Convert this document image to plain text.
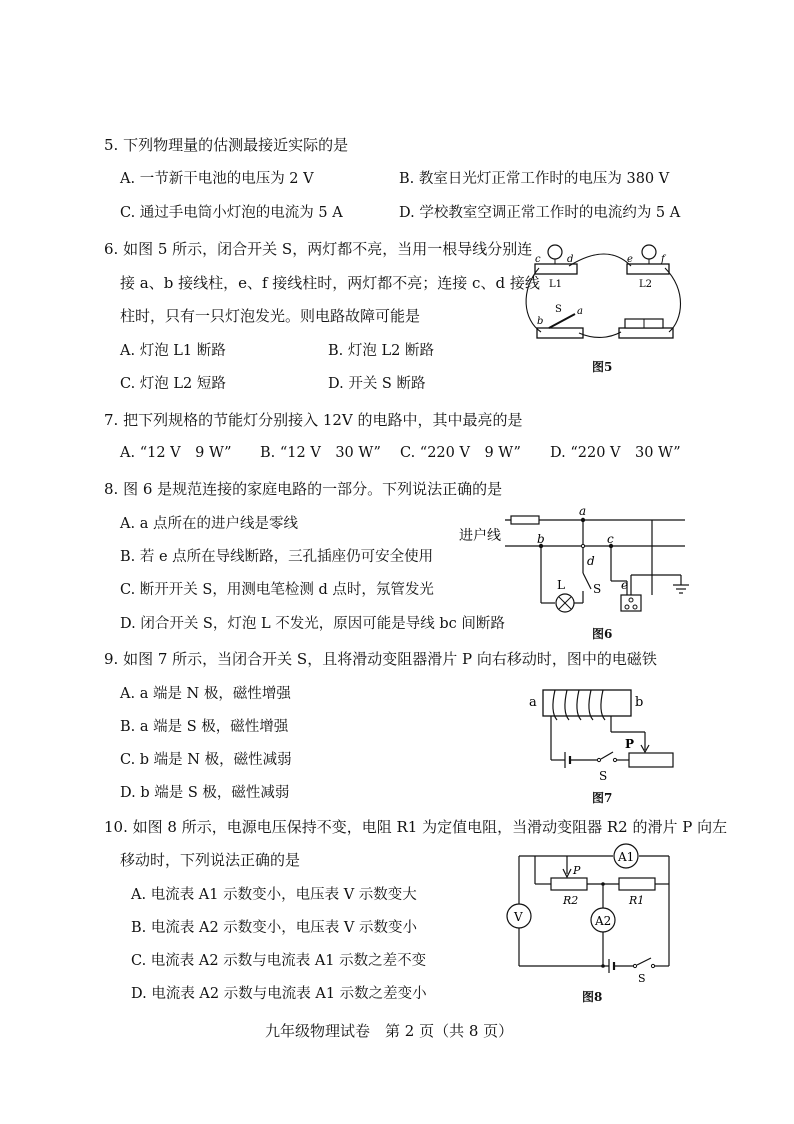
5. 下列物理量的估测最接近实际的是
A. 一节新干电池的电压为 2 V	B. 教室日光灯正常工作时的电压为 380 V
C. 通过手电筒小灯泡的电流为 5 A	D. 学校教室空调正常工作时的电流约为 5 A
6. 如图 5 所示，闭合开关 S，两灯都不亮，当用一根导线分别连
接 a、b 接线柱，e、f 接线柱时，两灯都不亮；连接 c、d 接线
柱时，只有一只灯泡发光。则电路故障可能是
A. 灯泡 L1 断路	B. 灯泡 L2 断路
C. 灯泡 L2 短路	D. 开关 S 断路
c	d	e	f
L1	L2
b
a
S
图5
7. 把下列规格的节能灯分别接入 12V 的电路中，其中最亮的是
A. “12 V　9 W” B. “12 V　30 W” C. “220 V　9 W” D. “220 V　30 W”
8. 图 6 是规范连接的家庭电路的一部分。下列说法正确的是
A. a 点所在的进户线是零线
B. 若 e 点所在导线断路，三孔插座仍可安全使用
C. 断开开关 S，用测电笔检测 d 点时，氖管发光
D. 闭合开关 S，灯泡 L 不发光，原因可能是导线 bc 间断路
进户线
a
b	c
d
e
L S
图6
9. 如图 7 所示，当闭合开关 S，且将滑动变阻器滑片 P 向右移动时，图中的电磁铁
A. a 端是 N 极，磁性增强
B. a 端是 S 极，磁性增强
C. b 端是 N 极，磁性减弱
D. b 端是 S 极，磁性减弱
a	b
P
S
图7
10. 如图 8 所示，电源电压保持不变，电阻 R1 为定值电阻，当滑动变阻器 R2 的滑片 P 向左
移动时，下列说法正确的是
A. 电流表 A1 示数变小，电压表 V 示数变大
B. 电流表 A2 示数变小，电压表 V 示数变小
C. 电流表 A2 示数与电流表 A1 示数之差不变
D. 电流表 A2 示数与电流表 A1 示数之差变小
A1
V
P
R2	R1
A2
S
图8
九年级物理试卷　第 2 页（共 8 页）
